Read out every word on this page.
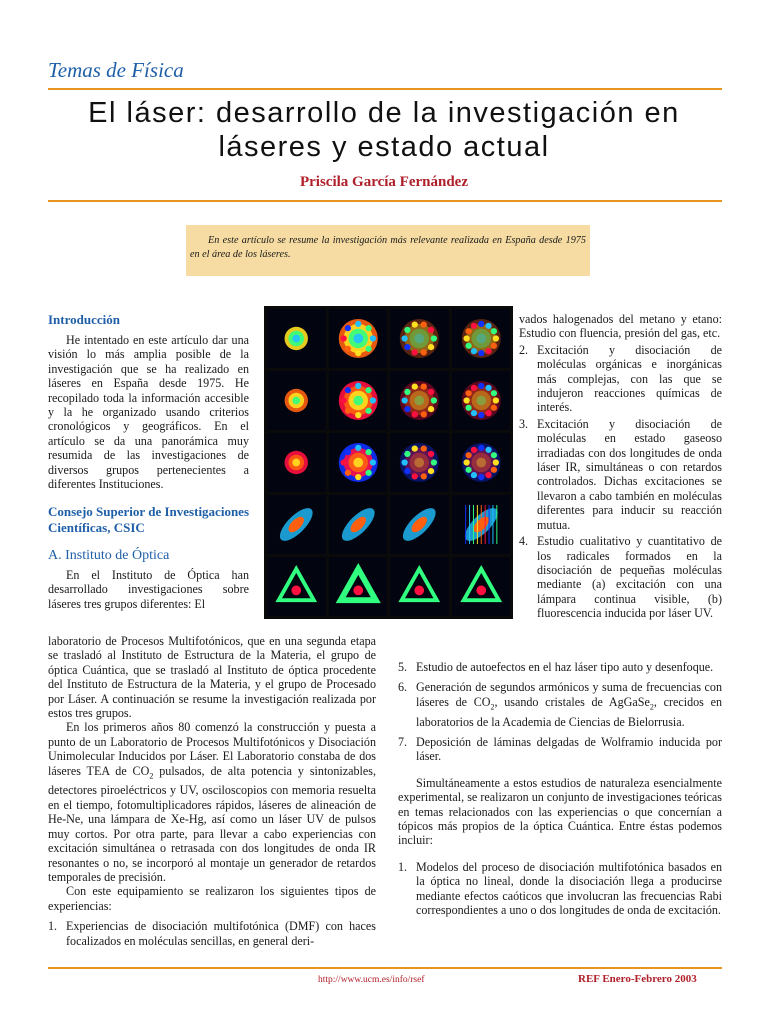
Temas de Física
El láser: desarrollo de la investigación en
láseres y estado actual
Priscila García Fernández
En este artículo se resume la investigación más relevante realizada en España desde 1975 en el área de los láseres.
Introducción

He intentado en este artículo dar una visión lo más amplia posible de la investigación que se ha realizado en láseres en España desde 1975. He recopilado toda la información accesible y la he organizado usando criterios cronológicos y geográficos. En el artículo se da una panorámica muy resumida de las investigaciones de diversos grupos pertenecientes a diferentes Instituciones.

Consejo Superior de Investigaciones Científicas, CSIC
A. Instituto de Óptica

En el Instituto de Óptica han desarrollado investigaciones sobre láseres tres grupos diferentes: El

laboratorio de Procesos Multifotónicos, que en una segunda etapa se trasladó al Instituto de Estructura de la Materia, el grupo de óptica Cuántica, que se trasladó al Instituto de óptica procedente del Instituto de Estructura de la Materia, y el grupo de Procesado por Láser. A continuación se resume la investigación realizada por estos tres grupos.

En los primeros años 80 comenzó la construcción y puesta a punto de un Laboratorio de Procesos Multifotónicos y Disociación Unimolecular Inducidos por Láser. El Laboratorio constaba de dos láseres TEA de $CO_2$ pulsados, de alta potencia y sintonizables, detectores piroeléctricos y UV, osciloscopios con memoria resuelta en el tiempo, fotomultiplicadores rápidos, láseres de alineación de He-Ne, una lámpara de Xe-Hg, así como un láser UV de pulsos muy cortos. Por otra parte, para llevar a cabo experiencias con excitación simultánea o retrasada con dos longitudes de onda IR resonantes o no, se incorporó al montaje un generador de retardos temporales de precisión.

Con este equipamiento se realizaron los siguientes tipos de experiencias:

1. Experiencias de disociación multifotónica (DMF) con haces focalizados en moléculas sencillas, en general deri-
vados halogenados del metano y etano: Estudio con fluencia, presión del gas, etc.
2. Excitación y disociación de moléculas orgánicas e inorgánicas más complejas, con las que se indujeron reacciones químicas de interés.
3. Excitación y disociación de moléculas en estado gaseoso irradiadas con dos longitudes de onda láser IR, simultáneas o con retardos controlados. Dichas excitaciones se llevaron a cabo también en moléculas diferentes para inducir su reacción mutua.
4. Estudio cualitativo y cuantitativo de los radicales formados en la disociación de pequeñas moléculas mediante (a) excitación con una lámpara continua visible, (b) fluorescencia inducida por láser UV.
5. Estudio de autoefectos en el haz láser tipo auto y desenfoque.
6. Generación de segundos armónicos y suma de frecuencias con láseres de $CO_2$, usando cristales de AgGaSe$_2$, crecidos en laboratorios de la Academia de Ciencias de Bielorrusia.
7. Deposición de láminas delgadas de Wolframio inducida por láser.

Simultáneamente a estos estudios de naturaleza esencialmente experimental, se realizaron un conjunto de investigaciones teóricas en temas relacionados con las experiencias o que concernían a tópicos más propios de la óptica Cuántica. Entre éstas podemos incluir:

1. Modelos del proceso de disociación multifotónica basados en la óptica no lineal, donde la disociación llega a producirse mediante efectos caóticos que involucran las frecuencias Rabi correspondientes a uno o dos longitudes de onda de excitación.
http://www.ucm.es/info/rsef	REF Enero-Febrero 2003
